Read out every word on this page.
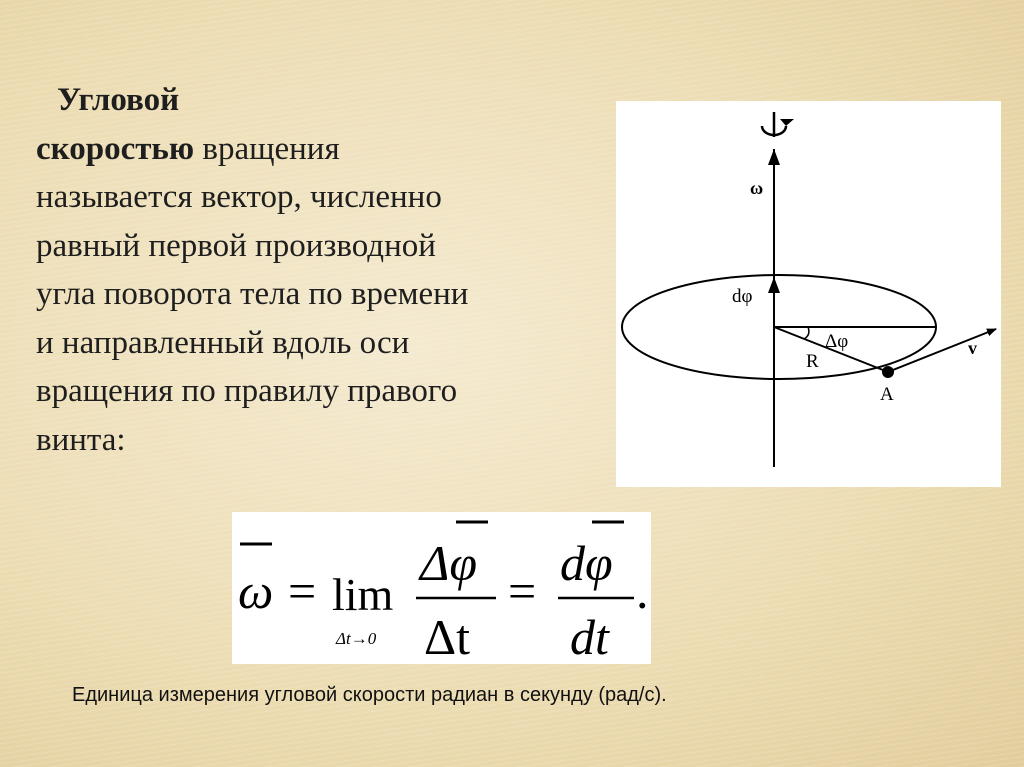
Угловой
скоростью вращения
называется вектор, численно
равный первой производной
угла поворота тела по времени
и направленный вдоль оси
вращения по правилу правого
винта:
ω
dφ
Δφ
R
A
v
ω = lim
Δt→0
Δφ
Δt
= dφ
dt
.
Единица измерения угловой скорости радиан в секунду (рад/с).
